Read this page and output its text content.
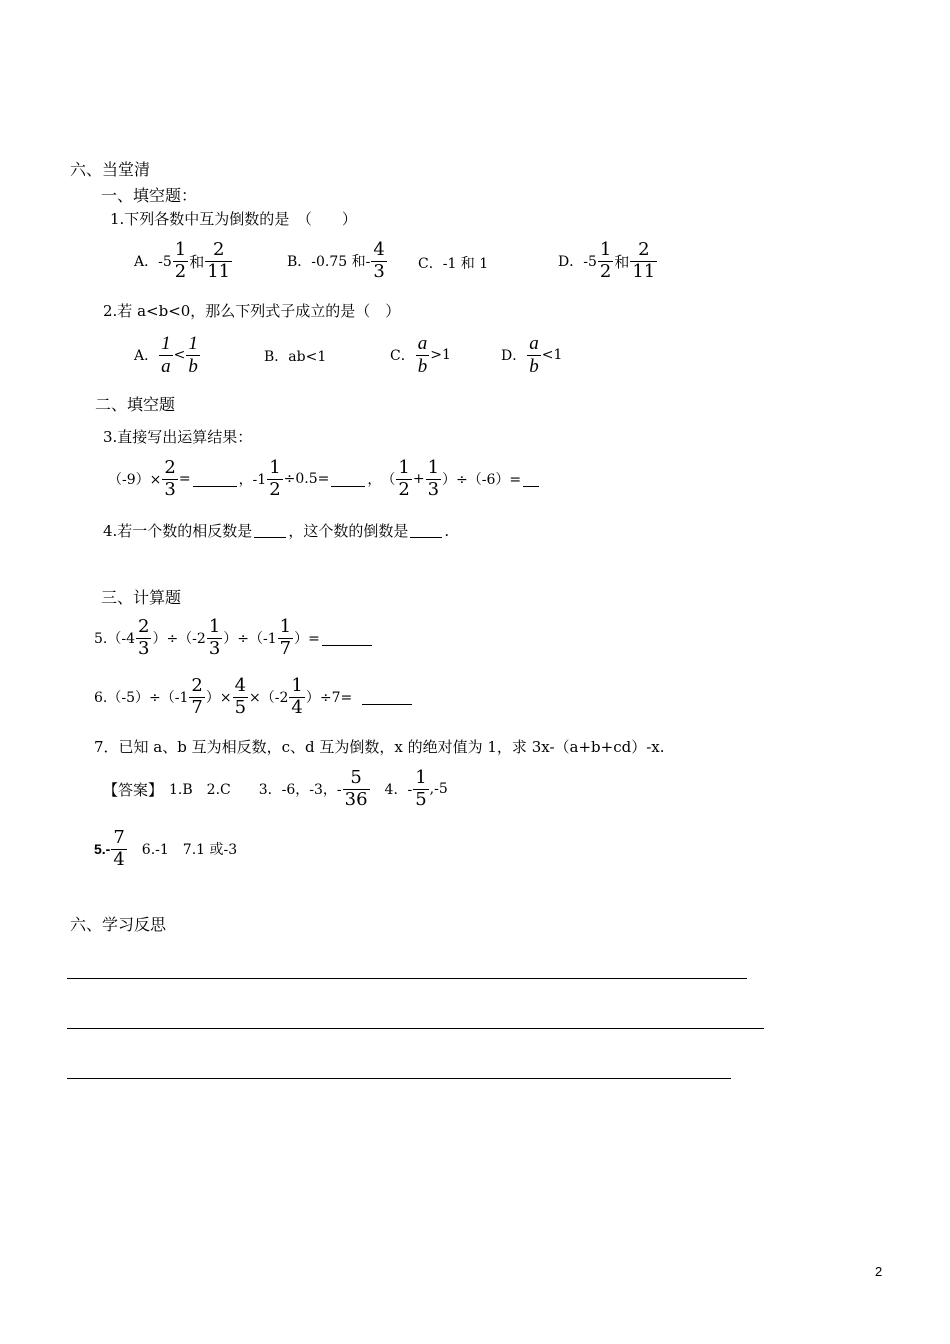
六、当堂清
一、填空题：
1.下列各数中互为倒数的是　（　　）
A．$-5 \frac{1}{2}$ 和 $\frac{2}{11}$	B．-0.75 和- $\frac{4}{3}$ C．-1 和 1	D．$-5 \frac{1}{2}$ 和 $\frac{2}{11}$
2.若 a<b<0，那么下列式子成立的是（　）
A． $\frac{1}{a} < \frac{1}{b}$	B．ab<1	C． $\frac{a}{b} >1$	D． $\frac{a}{b} <1$
二、填空题
3.直接写出运算结果：
$(-9)\times \frac{2}{3}$ =	，$-1 \frac{1}{2} \div 0.5=$	，　（ $\frac{1}{2} + \frac{1}{3} )\div(-6)=$
4.若一个数的相反数是 ，这个数的倒数是 .
三、计算题
$5.(-4 \frac{2}{3} )\div(-2 \frac{1}{3} )\div(-1 \frac{1}{7}$ ）=
$6.(-5)\div(-1 \frac{2}{7}$ ）× $\frac{4}{5} \times(-2 \frac{1}{4} )\div 7=$
7．已知 a、b 互为相反数，c、d 互为倒数，x 的绝对值为 1，求 3x-（a+b+cd）-x.
【答案】 1.B　2.C　　3．-6，-3，- $\frac{5}{36}$ 　4．- $\frac{1}{5} ,-5$
$5.- \frac{7}{4}$ 　6.-1　7.1 或-3
六、学习反思
2
